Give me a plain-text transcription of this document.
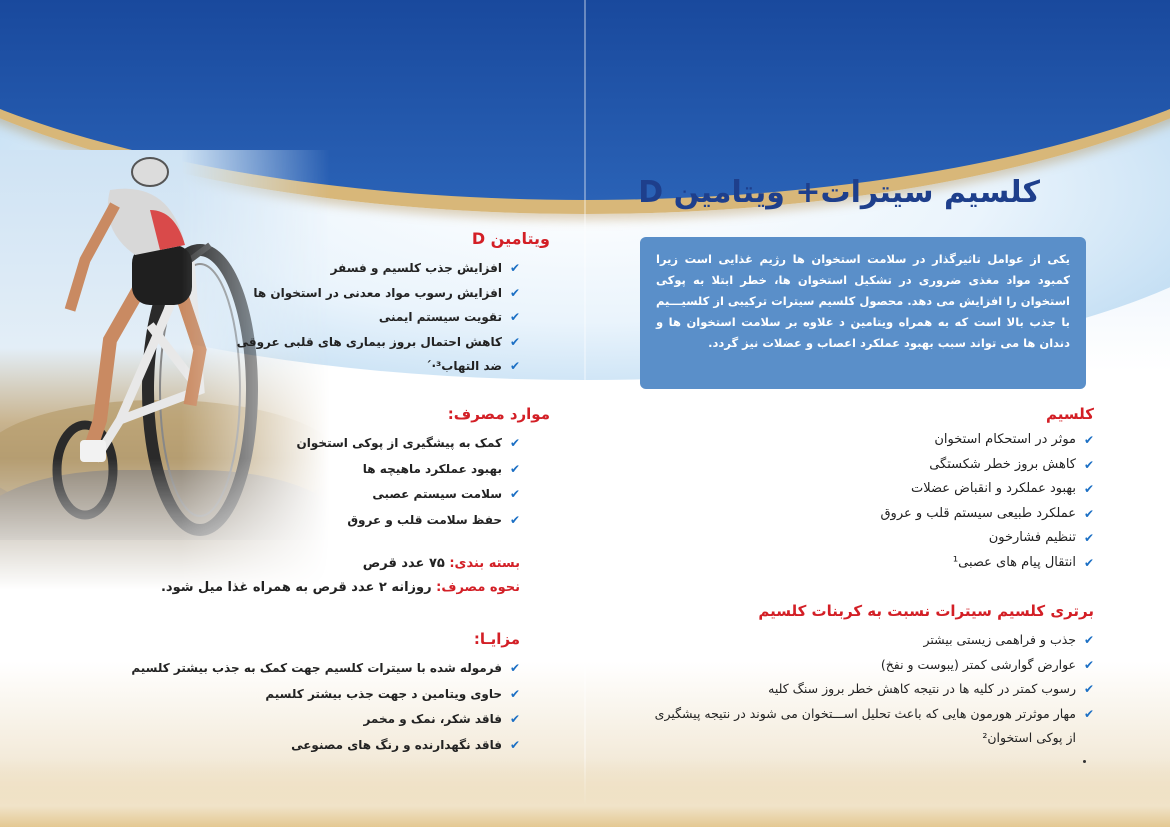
کلسیم سیترات+ ویتامین D
یکی از عوامل تاثیرگذار در سلامت استخوان ها رژیم غذایی است زیرا کمبود مواد مغذی ضروری در تشکیل استخوان ها، خطر ابتلا به پوکی استخوان را افزایش می دهد. محصول کلسیم سیترات ترکیبی از کلسیـــیم با جذب بالا است که به همراه ویتامین د علاوه بر سلامت استخوان ها و دندان ها می تواند سبب بهبود عملکرد اعصاب و عضلات نیز گردد.
کلسیم
✔
موثر در استحکام استخوان
✔
کاهش بروز خطر شکستگی
✔
بهبود عملکرد و انقباض عضلات
✔
عملکرد طبیعی سیستم قلب و عروق
✔
تنظیم فشارخون
✔
انتقال پیام های عصبی¹
برتری کلسیم سیترات نسبت به کربنات کلسیم
✔
جذب و فراهمی زیستی بیشتر
✔
عوارض گوارشی کمتر (یبوست و نفخ)
✔
رسوب کمتر در کلیه ها در نتیجه کاهش خطر بروز سنگ کلیه
✔
مهار موثرتر هورمون هایی که باعث تحلیل اســـتخوان می شوند در نتیجه پیشگیری از پوکی استخوان²
ویتامین D
✔
افزایش جذب کلسیم و فسفر
✔
افزایش رسوب مواد معدنی در استخوان ها
✔
تقویت سیستم ایمنی
✔
کاهش احتمال بروز بیماری های قلبی عروقی
✔
ضد التهاب³·´
موارد مصرف:
✔
کمک به پیشگیری از پوکی استخوان
✔
بهبود عملکرد ماهیچه ها
✔
سلامت سیستم عصبی
✔
حفظ سلامت قلب و عروق
بسته بندی: ۷۵ عدد قرص
نحوه مصرف: روزانه ۲ عدد قرص به همراه غذا میل شود.
مزایـا:
✔
فرموله شده با سیترات کلسیم جهت کمک به جذب بیشتر کلسیم
✔
حاوی ویتامین د جهت جذب بیشتر کلسیم
✔
فاقد شکر، نمک و مخمر
✔
فاقد نگهدارنده و رنگ های مصنوعی
